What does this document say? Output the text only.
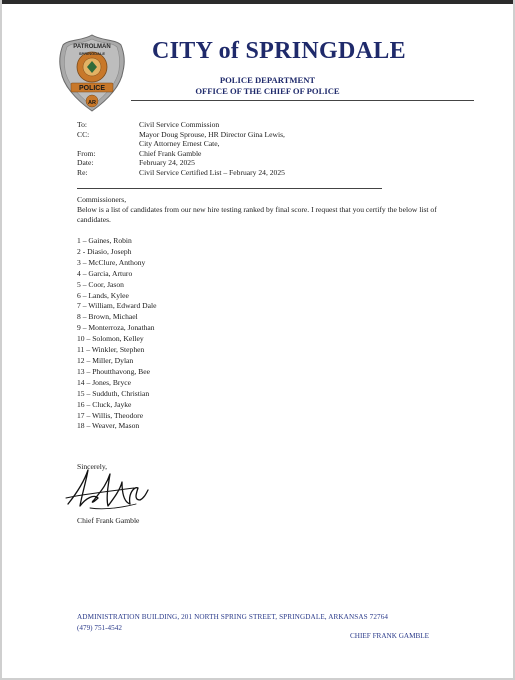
PATROLMAN
SPRINGDALE
POLICE
AR
CITY of SPRINGDALE
POLICE DEPARTMENT
OFFICE OF THE CHIEF OF POLICE
To:	Civil Service Commission
CC:	Mayor Doug Sprouse, HR Director Gina Lewis,
City Attorney Ernest Cate,
From:	Chief Frank Gamble
Date:	February 24, 2025
Re:	Civil Service Certified List – February 24, 2025
Commissioners,
Below is a list of candidates from our new hire testing ranked by final score. I request that you certify the below list of candidates.
1 – Gaines, Robin
2 - Diasio, Joseph
3 – McClure, Anthony
4 – Garcia, Arturo
5 – Coor, Jason
6 – Lands, Kylee
7 – William, Edward Dale
8 – Brown, Michael
9 – Monterroza, Jonathan
10 – Solomon, Kelley
11 – Winkler, Stephen
12 – Miller, Dylan
13 – Phoutthavong, Bee
14 – Jones, Bryce
15 – Sudduth, Christian
16 – Cluck, Jayke
17 – Willis, Theodore
18 – Weaver, Mason
Sincerely,
Chief Frank Gamble
ADMINISTRATION BUILDING, 201 NORTH SPRING STREET, SPRINGDALE, ARKANSAS 72764
(479) 751-4542
CHIEF FRANK GAMBLE
